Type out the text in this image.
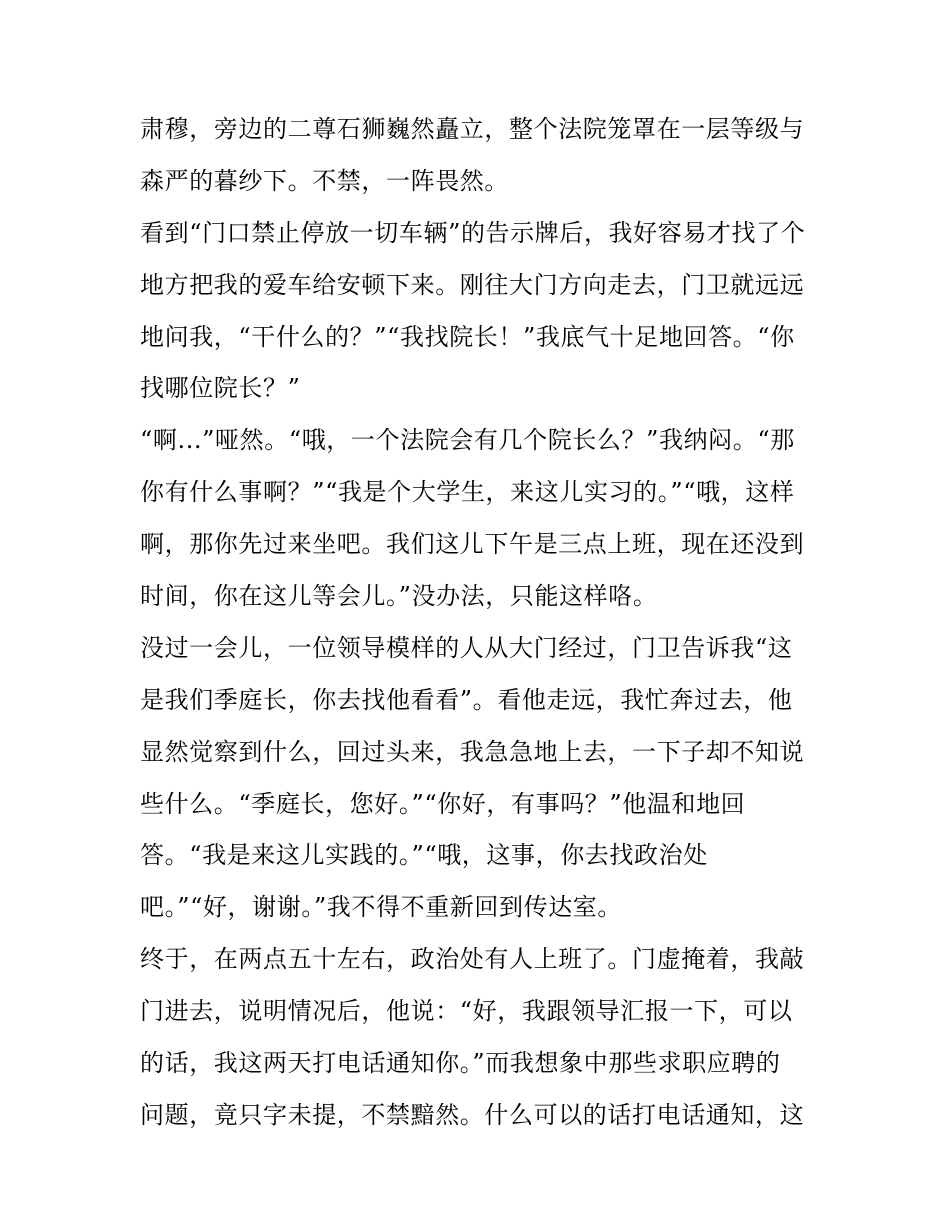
肃穆，旁边的二尊石狮巍然矗立，整个法院笼罩在一层等级与
森严的暮纱下。不禁，一阵畏然。
看到“门口禁止停放一切车辆”的告示牌后，我好容易才找了个
地方把我的爱车给安顿下来。刚往大门方向走去，门卫就远远
地问我，“干什么的？”“我找院长！”我底气十足地回答。“你
找哪位院长？”
“啊...”哑然。“哦，一个法院会有几个院长么？”我纳闷。“那
你有什么事啊？”“我是个大学生，来这儿实习的。”“哦，这样
啊，那你先过来坐吧。我们这儿下午是三点上班，现在还没到
时间，你在这儿等会儿。”没办法，只能这样咯。
没过一会儿，一位领导模样的人从大门经过，门卫告诉我“这
是我们季庭长，你去找他看看”。看他走远，我忙奔过去，他
显然觉察到什么，回过头来，我急急地上去，一下子却不知说
些什么。“季庭长，您好。”“你好，有事吗？”他温和地回
答。“我是来这儿实践的。”“哦，这事，你去找政治处
吧。”“好，谢谢。”我不得不重新回到传达室。
终于，在两点五十左右，政治处有人上班了。门虚掩着，我敲
门进去，说明情况后，他说：“好，我跟领导汇报一下，可以
的话，我这两天打电话通知你。”而我想象中那些求职应聘的
问题，竟只字未提，不禁黯然。什么可以的话打电话通知，这
